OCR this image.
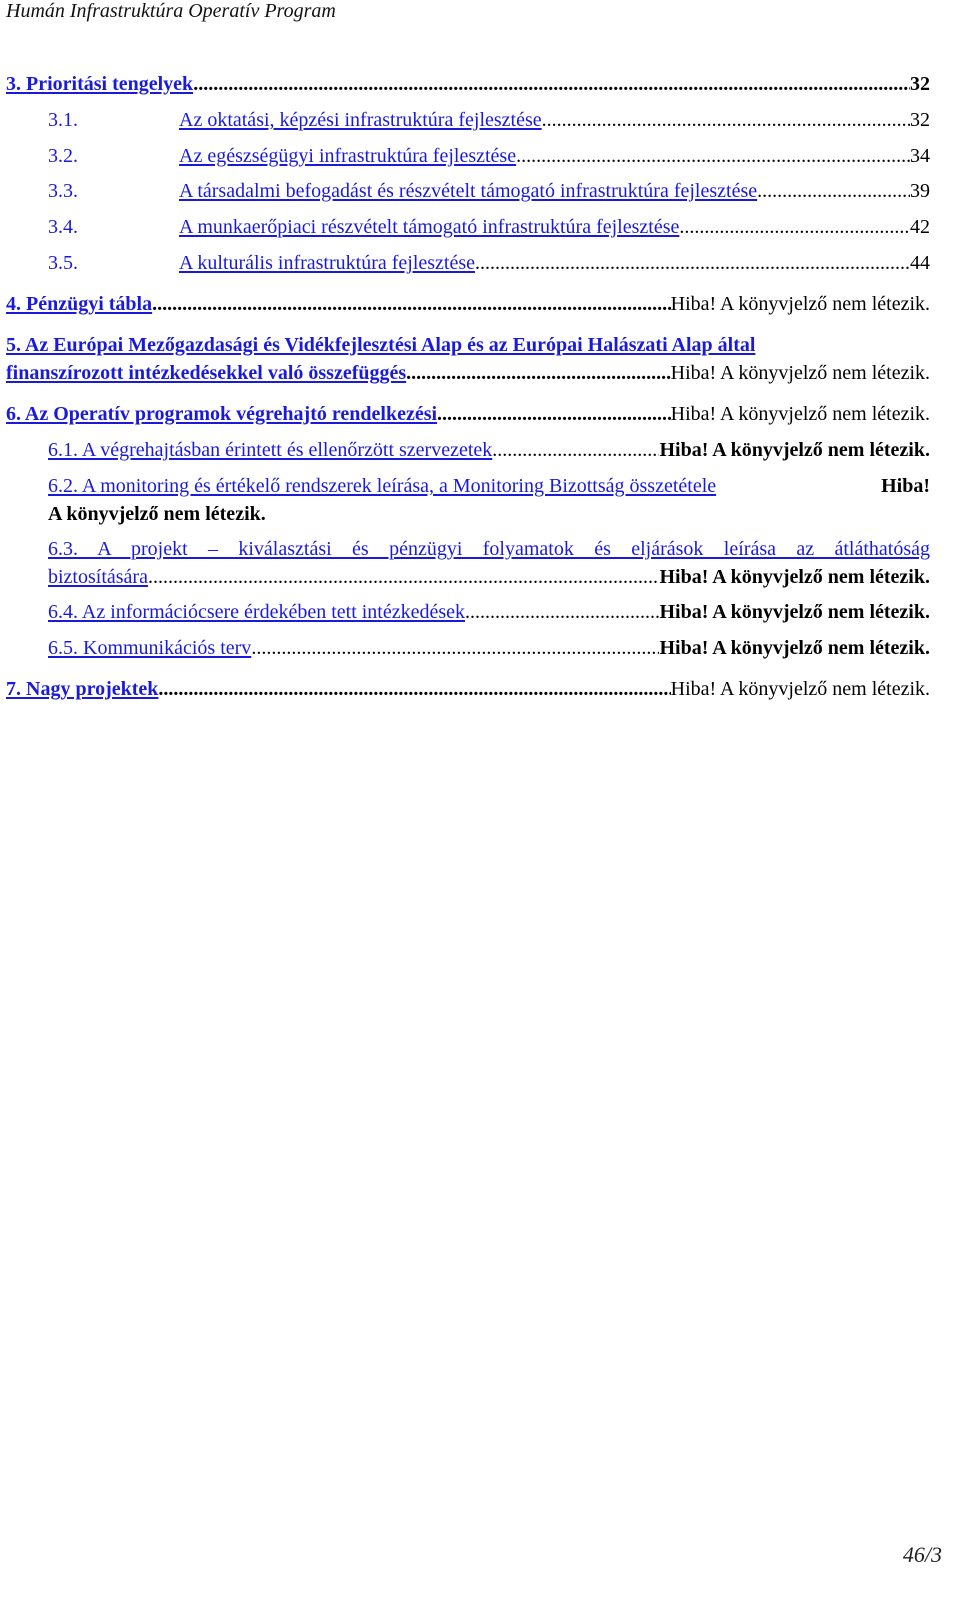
Humán Infrastruktúra Operatív Program
3. Prioritási tengelyek .....	32
3.1.	Az oktatási, képzési infrastruktúra fejlesztése .....	32
3.2.	Az egészségügyi infrastruktúra fejlesztése .....	34
3.3.	A társadalmi befogadást és részvételt támogató infrastruktúra fejlesztése .....	39
3.4.	A munkaerőpiaci részvételt támogató infrastruktúra fejlesztése .....	42
3.5.	A kulturális infrastruktúra fejlesztése .....	44
4. Pénzügyi tábla .....	Hiba! A könyvjelző nem létezik.
5. Az Európai Mezőgazdasági és Vidékfejlesztési Alap és az Európai Halászati Alap által
finanszírozott intézkedésekkel való összefüggés .....	Hiba! A könyvjelző nem létezik.
6. Az Operatív programok végrehajtó rendelkezési .....	Hiba! A könyvjelző nem létezik.
6.1. A végrehajtásban érintett és ellenőrzött szervezetek .....	Hiba! A könyvjelző nem létezik.
6.2. A monitoring és értékelő rendszerek leírása, a Monitoring Bizottság összetétele	Hiba!
A könyvjelző nem létezik.
6.3. A projekt – kiválasztási és pénzügyi folyamatok és eljárások leírása az átláthatóság
biztosítására .....	Hiba! A könyvjelző nem létezik.
6.4. Az információcsere érdekében tett intézkedések .....	Hiba! A könyvjelző nem létezik.
6.5. Kommunikációs terv .....	Hiba! A könyvjelző nem létezik.
7. Nagy projektek .....	Hiba! A könyvjelző nem létezik.
46/3
